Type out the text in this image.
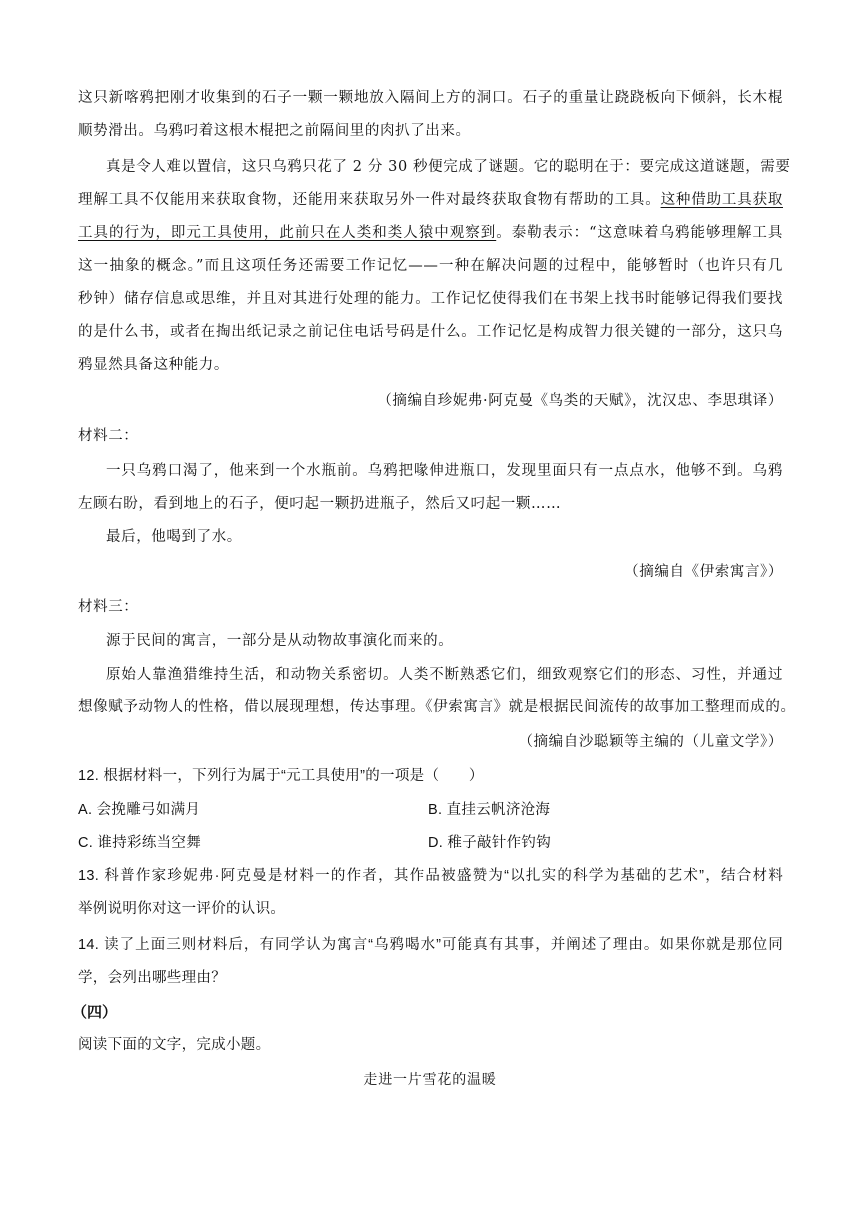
这只新喀鸦把刚才收集到的石子一颗一颗地放入隔间上方的洞口。石子的重量让跷跷板向下倾斜，长木棍
顺势滑出。乌鸦叼着这根木棍把之前隔间里的肉扒了出来。
真是令人难以置信，这只乌鸦只花了 2 分 30 秒便完成了谜题。它的聪明在于：要完成这道谜题，需要
理解工具不仅能用来获取食物，还能用来获取另外一件对最终获取食物有帮助的工具。这种借助工具获取
工具的行为，即元工具使用，此前只在人类和类人猿中观察到。泰勒表示：“这意味着乌鸦能够理解工具
这一抽象的概念。”而且这项任务还需要工作记忆——一种在解决问题的过程中，能够暂时（也许只有几
秒钟）储存信息或思维，并且对其进行处理的能力。工作记忆使得我们在书架上找书时能够记得我们要找
的是什么书，或者在掏出纸记录之前记住电话号码是什么。工作记忆是构成智力很关键的一部分，这只乌
鸦显然具备这种能力。
（摘编自珍妮弗·阿克曼《鸟类的天赋》，沈汉忠、李思琪译）
材料二：
一只乌鸦口渴了，他来到一个水瓶前。乌鸦把喙伸进瓶口，发现里面只有一点点水，他够不到。乌鸦
左顾右盼，看到地上的石子，便叼起一颗扔进瓶子，然后又叼起一颗……
最后，他喝到了水。
（摘编自《伊索寓言》）
材料三：
源于民间的寓言，一部分是从动物故事演化而来的。
原始人靠渔猎维持生活，和动物关系密切。人类不断熟悉它们，细致观察它们的形态、习性，并通过
想像赋予动物人的性格，借以展现理想，传达事理。《伊索寓言》就是根据民间流传的故事加工整理而成的。
（摘编自沙聪颖等主编的（儿童文学》）
12. 根据材料一，下列行为属于“元工具使用”的一项是（　　）
A. 会挽雕弓如满月	B. 直挂云帆济沧海
C. 谁持彩练当空舞	D. 稚子敲针作钓钩
13. 科普作家珍妮弗·阿克曼是材料一的作者，其作品被盛赞为“以扎实的科学为基础的艺术”，结合材料
举例说明你对这一评价的认识。
14. 读了上面三则材料后，有同学认为寓言“乌鸦喝水”可能真有其事，并阐述了理由。如果你就是那位同
学，会列出哪些理由？
（四）
阅读下面的文字，完成小题。
走进一片雪花的温暖
